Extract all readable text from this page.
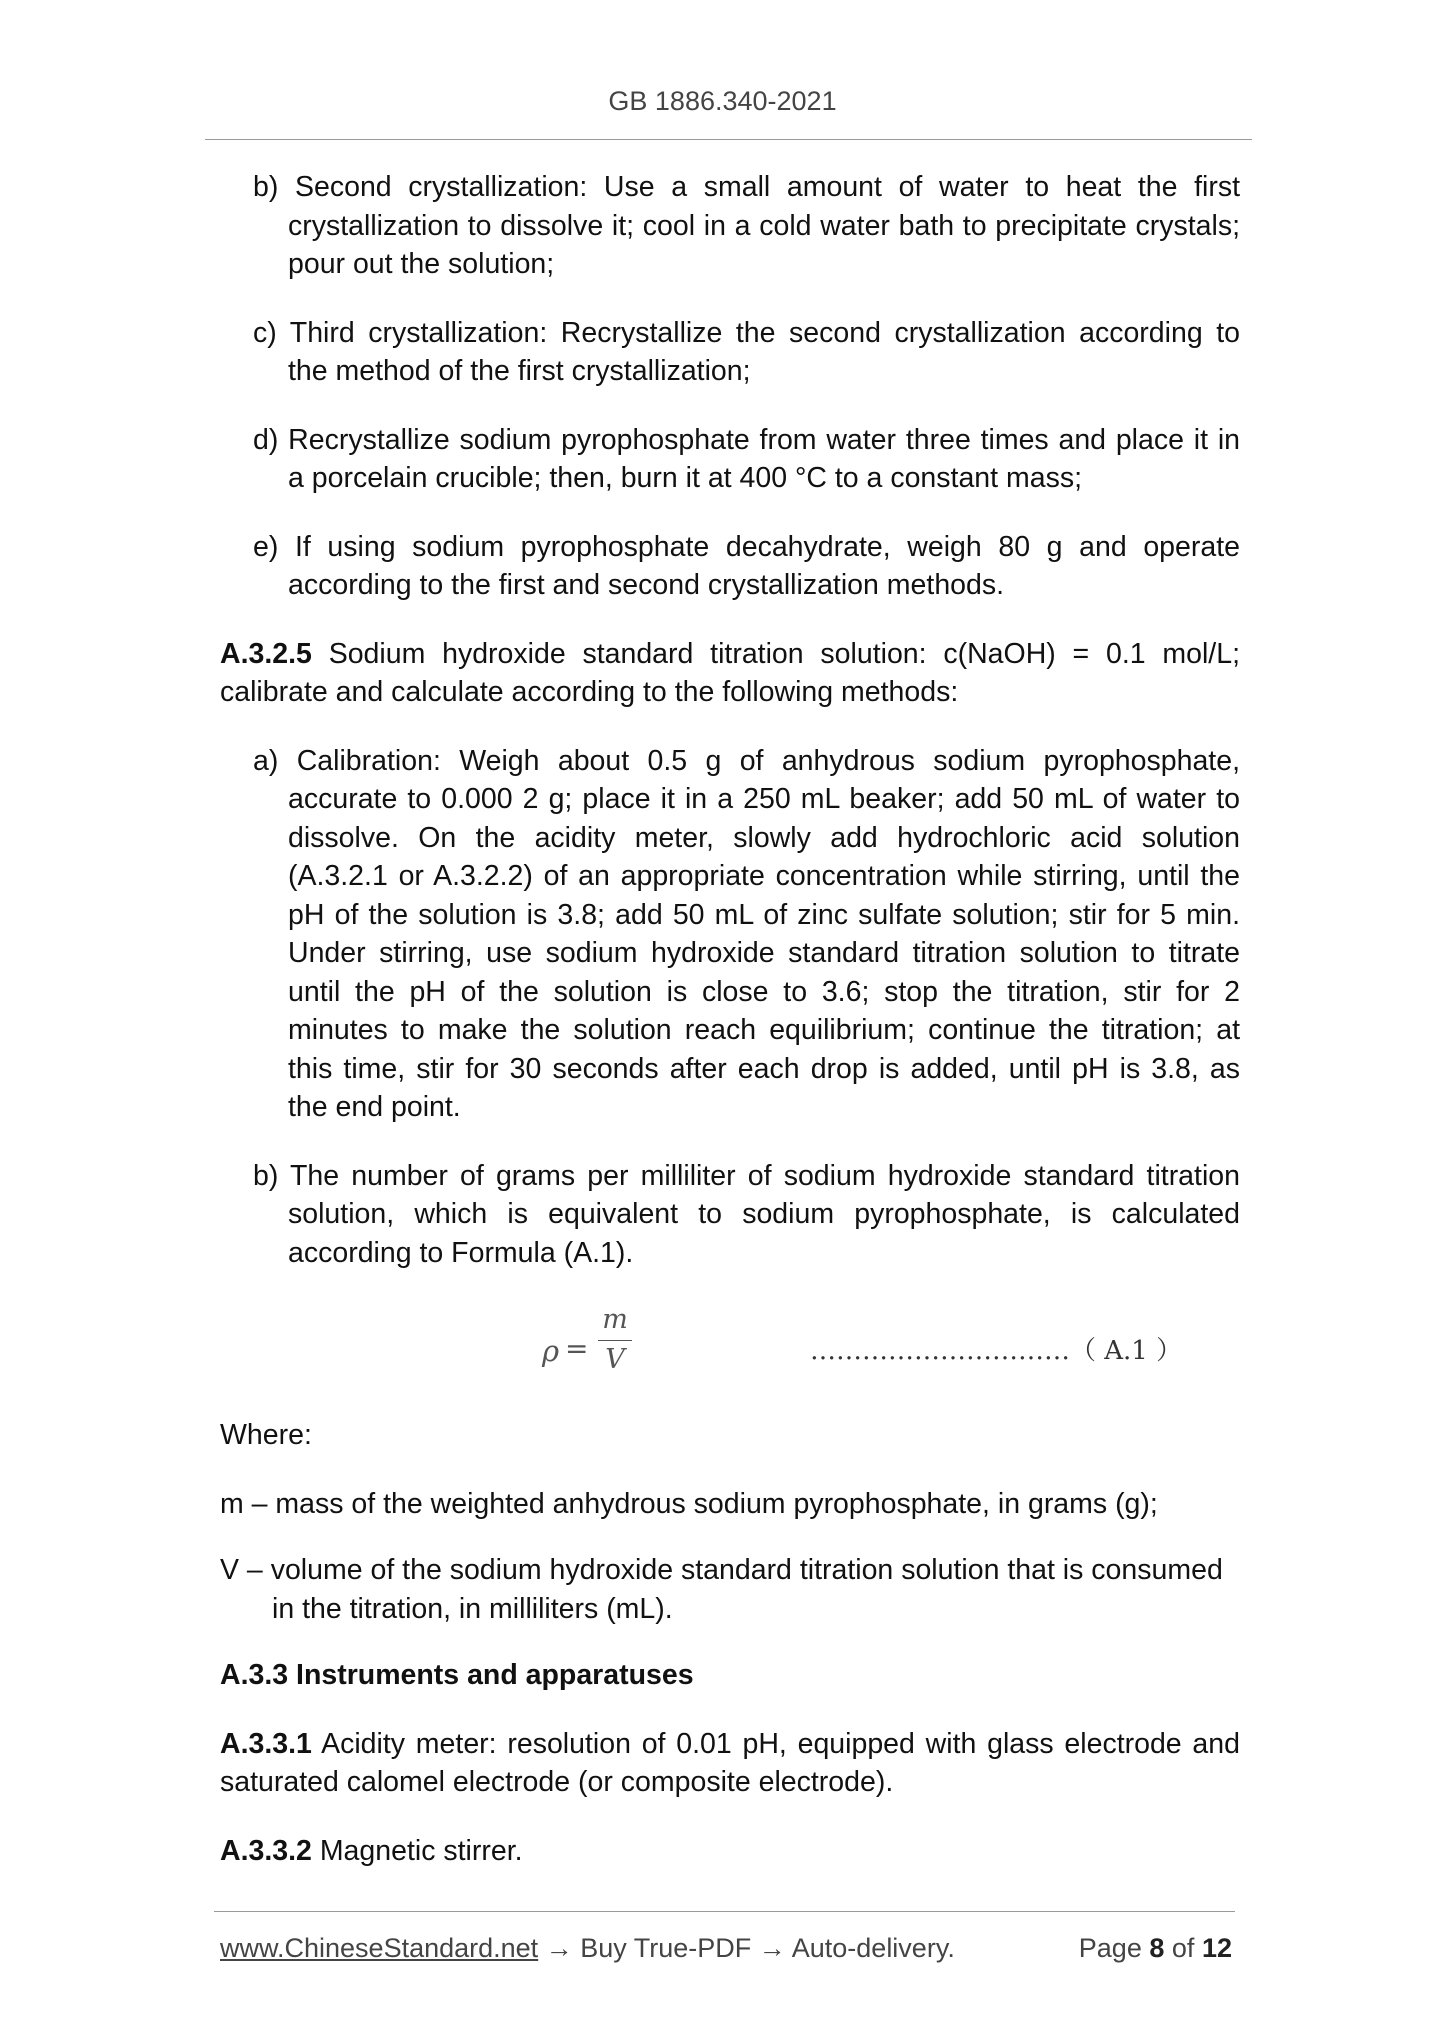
GB 1886.340-2021
b) Second crystallization: Use a small amount of water to heat the first crystallization to dissolve it; cool in a cold water bath to precipitate crystals; pour out the solution;
c) Third crystallization: Recrystallize the second crystallization according to the method of the first crystallization;
d) Recrystallize sodium pyrophosphate from water three times and place it in a porcelain crucible; then, burn it at 400 °C to a constant mass;
e) If using sodium pyrophosphate decahydrate, weigh 80 g and operate according to the first and second crystallization methods.
A.3.2.5 Sodium hydroxide standard titration solution: c(NaOH) = 0.1 mol/L; calibrate and calculate according to the following methods:
a) Calibration: Weigh about 0.5 g of anhydrous sodium pyrophosphate, accurate to 0.000 2 g; place it in a 250 mL beaker; add 50 mL of water to dissolve. On the acidity meter, slowly add hydrochloric acid solution (A.3.2.1 or A.3.2.2) of an appropriate concentration while stirring, until the pH of the solution is 3.8; add 50 mL of zinc sulfate solution; stir for 5 min. Under stirring, use sodium hydroxide standard titration solution to titrate until the pH of the solution is close to 3.6; stop the titration, stir for 2 minutes to make the solution reach equilibrium; continue the titration; at this time, stir for 30 seconds after each drop is added, until pH is 3.8, as the end point.
b) The number of grams per milliliter of sodium hydroxide standard titration solution, which is equivalent to sodium pyrophosphate, is calculated according to Formula (A.1).
ρ =
m
V	…………………………（ A.1 ）
Where:
m – mass of the weighted anhydrous sodium pyrophosphate, in grams (g);
V – volume of the sodium hydroxide standard titration solution that is consumed in the titration, in milliliters (mL).
A.3.3 Instruments and apparatuses
A.3.3.1 Acidity meter: resolution of 0.01 pH, equipped with glass electrode and saturated calomel electrode (or composite electrode).
A.3.3.2 Magnetic stirrer.
www.ChineseStandard.net → Buy True-PDF → Auto-delivery.	Page 8 of 12
